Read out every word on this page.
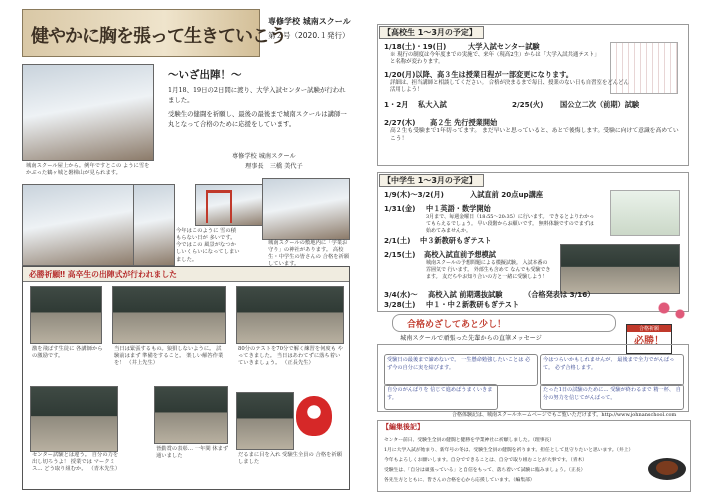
健やかに胸を張って生きていこう
専修学校 城南スクール
第２号（2020.１発行）
城南スクール屋上から。例年ですとこの ように雪をかぶった鶴ヶ城と磐梯山が見られます。
～いざ出陣！～
1月18、19日の2日間に渡り、大学入試センター試験が行われました。
受験生の健闘を祈願し、最後の最後まで城南スクールは講師一丸となって合格のために応援をしています。
専修学校 城南スクール
理事長　三橋 美代子
今年はこのように 雪の積もらない日が 多いです。今ではこの 風景がなつかしいくらいになってしまいました。
城南スクールの敷地内に「学業お守り」の神社があります。 高校生・中学生の皆さんの 合格を祈願しています。
必勝祈願‼ 高卒生の出陣式が行われました
激を飛ばす生徒に 各講師からの激励です。
当日は緊張するもの。狼狽しないように。 試験前はまず 準備をすること。 楽しい解答作業を！ （井上先生）
80分のテストを70分で解く練習を何度も やってきました。 当日はあわてずに落ち着いていきましょう。 （正長先生）
センター試験とは違う。 自分の力を出し切ろうよ！ 授業では マークミス… どう取り組むか。 （青木先生）
皆勤賞の表彰… 一年間 休まず 通いました	だるまに目を入れ 受験生全員の 合格を祈願しました
【高校生 1～3月の予定】
1/18(土)・19(日)	大学入試センター試験
※ 現行の制度は今年度までの実施で、来年（現高2生）からは「大学入試共通テスト」と名称が変わります。
1/20(月)以降、高３生は授業日程が一部変更になります。
詳細は、担当講師と相談してください。 合格が決まるまで毎日、授業のない日も自習室をどんどん活用しよう！
1・2月 私大入試	2/25(火) 国公立二次（前期）試験
2/27(木) 高２生 先行授業開始
高２生も受験まで1年切ってます。 まだ早いと思っていると、あとで後悔します。受験に向けて意識を高めていこう！
【中学生 1～3月の予定】
1/9(木)～3/2(月)	入試直前 20点up講座
1/31(金) 中１英語・数学開始
3月まで、毎週金曜日（18:55～20:35）に行います。 できるとよりわかってもらえるでしょう。 早い段階からお願いです。 無料体験ですのでまずは始めてみませんか。
2/1(土) 中３新教研もぎテスト
2/15(土) 高校入試直前予想模試
城南スクールの予想問題による模擬試験。 入試本番の雰囲気で 行います。 外部生も含めて なんでも受験できます。 友だちやお知り合いの方と一緒に受験しよう！
3/4(水)～ 高校入試 前期選抜試験	（合格発表は 3/16）
3/28(土) 中１・中２新教研もぎテスト
合格めざしてあと少し！
城南スクールで頑張った先輩からの直筆メッセージ
合格祈願
必勝！
受験日の最後まで諦めないで。 一生懸命勉強したいことは 必ず今の自分に実を結びます。
今はつらいかもしれませんが、 最後まで全力でがんばって。 必ず合格します。
自分のがんばりを 信じて進めばうまくいきます。
たった1日の試験のために… 受験が終わるまで 精一杯、 自分の努力を信じてがんばって。
合格体験記は、城南スクールホームページでもご覧いただけます。http://www.johnanschool.com
【編集後記】
センター前日、受験生全員の健闘と健勝を学業神社に祈願しました。（理事長）
1月に大学入試が始まり、新年号の冬は、受験生全員の健闘を祈ります。担任として見守りたいと思います。（井上）
今年もよろしくお願いします。自分でできることは、自分で取り組むことが大事です。（青木）
受験生は、「自分は頑張っている」と自信をもって、落ち着いて試験に臨みましょう。（正長）
各先生方とともに、皆さんの合格を心から応援しています。（編集部）
